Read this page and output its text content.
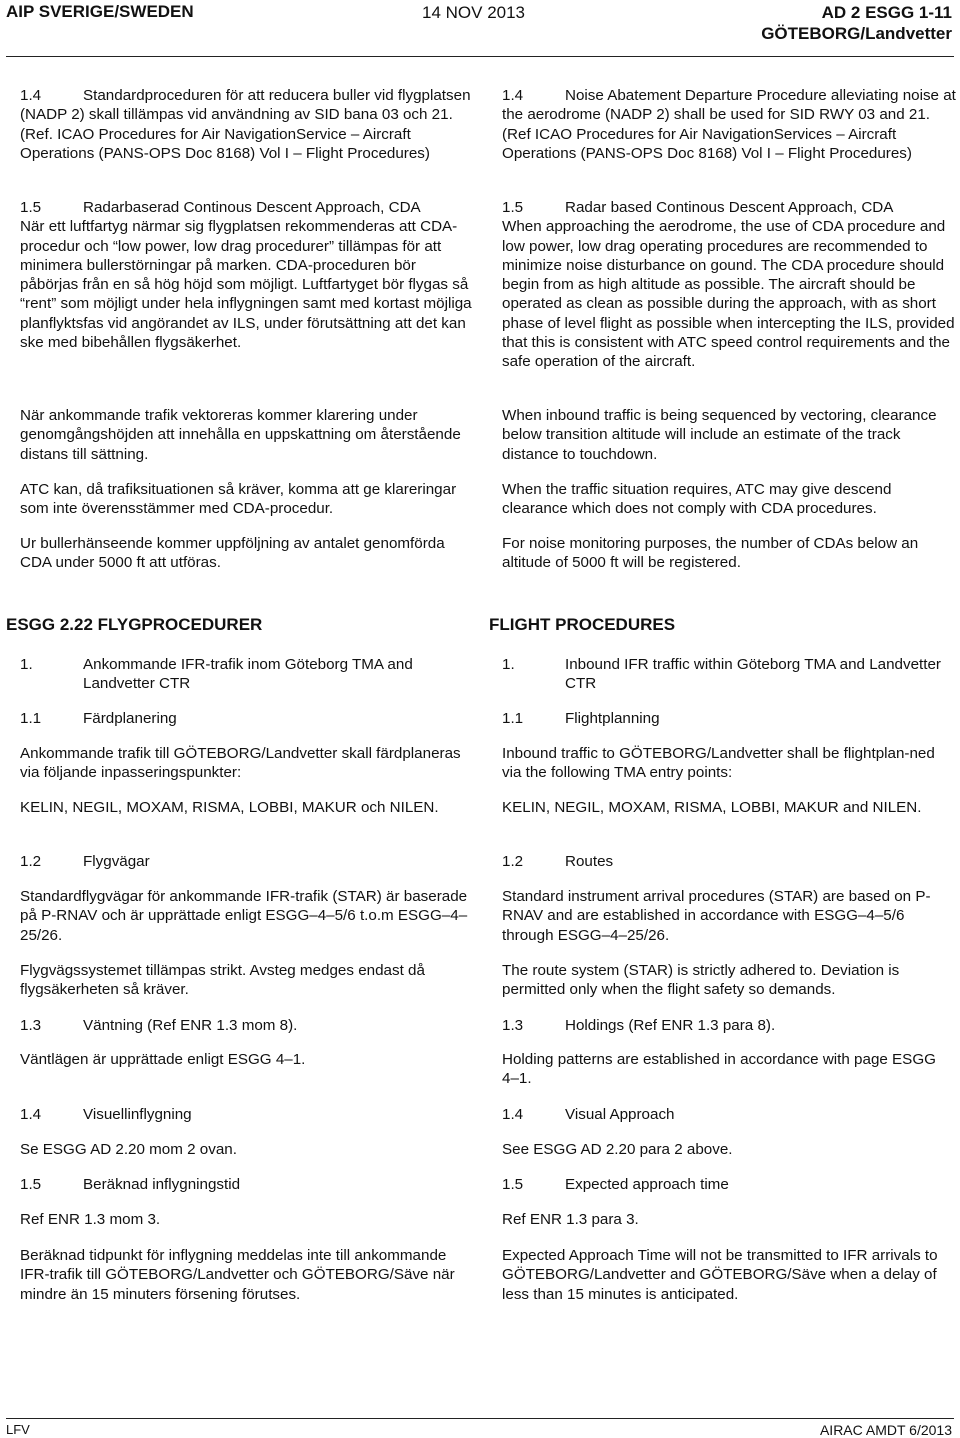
AIP SVERIGE/SWEDEN	14 NOV 2013	AD 2 ESGG 1-11
GÖTEBORG/Landvetter

1.4	Standardproceduren för att reducera buller vid flygplatsen (NADP 2) skall tillämpas vid användning av SID bana 03 och 21.(Ref. ICAO Procedures for Air NavigationService – Aircraft Operations (PANS-OPS Doc 8168) Vol I – Flight Procedures)

1.5	Radarbaserad Continous Descent Approach, CDA

När ett luftfartyg närmar sig flygplatsen rekommenderas att CDA-procedur och “low power, low drag procedurer” tillämpas för att minimera bullerstörningar på marken. CDA-proceduren bör påbörjas från en så hög höjd som möjligt. Luftfartyget bör flygas så “rent” som möjligt under hela inflygningen samt med kortast möjliga planflyktsfas vid angörandet av ILS, under förutsättning att det kan ske med bibehållen flygsäkerhet.

När ankommande trafik vektoreras kommer klarering under genomgångshöjden att innehålla en uppskattning om återstående distans till sättning.
ATC kan, då trafiksituationen så kräver, komma att ge klareringar som inte överensstämmer med CDA-procedur.
Ur bullerhänseende kommer uppföljning av antalet genomförda CDA under 5000 ft att utföras.

1.4	Noise Abatement Departure Procedure alleviating noise at the aerodrome (NADP 2) shall be used for SID RWY 03 and 21. (Ref ICAO Procedures for Air NavigationServices – Aircraft Operations (PANS-OPS Doc 8168) Vol I – Flight Procedures)

1.5	Radar based Continous Descent Approach, CDA

When approaching the aerodrome, the use of CDA procedure and low power, low drag operating procedures are recommended to minimize noise disturbance on gound. The CDA procedure should begin from as high altitude as possible. The aircraft should be operated as clean as possible during the approach, with as short phase of level flight as possible when intercepting the ILS, provided that this is consistent with ATC speed control requirements and the safe operation of the aircraft.

When inbound traffic is being sequenced by vectoring, clearance below transition altitude will include an estimate of the track distance to touchdown.
When the traffic situation requires, ATC may give descend clearance which does not comply with CDA procedures.
For noise monitoring purposes, the number of CDAs below an altitude of 5000 ft will be registered.
ESGG 2.22 FLYGPROCEDURER	FLIGHT PROCEDURES
1.	Ankommande IFR-trafik inom Göteborg TMA and Landvetter CTR
1.1	Färdplanering
Ankommande trafik till GÖTEBORG/Landvetter skall färdplaneras via följande inpasseringspunkter:
KELIN, NEGIL, MOXAM, RISMA, LOBBI, MAKUR och NILEN.
1.2	Flygvägar
Standardflygvägar för ankommande IFR-trafik (STAR) är baserade på P-RNAV och är upprättade enligt ESGG–4–5/6 t.o.m ESGG–4–25/26.
Flygvägssystemet tillämpas strikt. Avsteg medges endast då flygsäkerheten så kräver.
1.3	Väntning (Ref ENR 1.3 mom 8).
Väntlägen är upprättade enligt ESGG 4–1.
1.4	Visuellinflygning
Se ESGG AD 2.20 mom 2 ovan.
1.5	Beräknad inflygningstid
Ref ENR 1.3 mom 3.
Beräknad tidpunkt för inflygning meddelas inte till ankommande IFR-trafik till GÖTEBORG/Landvetter och GÖTEBORG/Säve när mindre än 15 minuters försening förutses.
1.	Inbound IFR traffic within Göteborg TMA and Landvetter CTR
1.1	Flightplanning
Inbound traffic to GÖTEBORG/Landvetter shall be flightplan-ned via the following TMA entry points:
KELIN, NEGIL, MOXAM, RISMA, LOBBI, MAKUR and NILEN.
1.2	Routes
Standard instrument arrival procedures (STAR) are based on P-RNAV and are established in accordance with ESGG–4–5/6 through ESGG–4–25/26.
The route system (STAR) is strictly adhered to. Deviation is permitted only when the flight safety so demands.
1.3	Holdings (Ref ENR 1.3 para 8).
Holding patterns are established in accordance with page ESGG 4–1.
1.4	Visual Approach
See ESGG AD 2.20 para 2 above.
1.5	Expected approach time
Ref ENR 1.3 para 3.
Expected Approach Time will not be transmitted to IFR arrivals to GÖTEBORG/Landvetter and GÖTEBORG/Säve when a delay of less than 15 minutes is anticipated.
LFV	AIRAC AMDT 6/2013
